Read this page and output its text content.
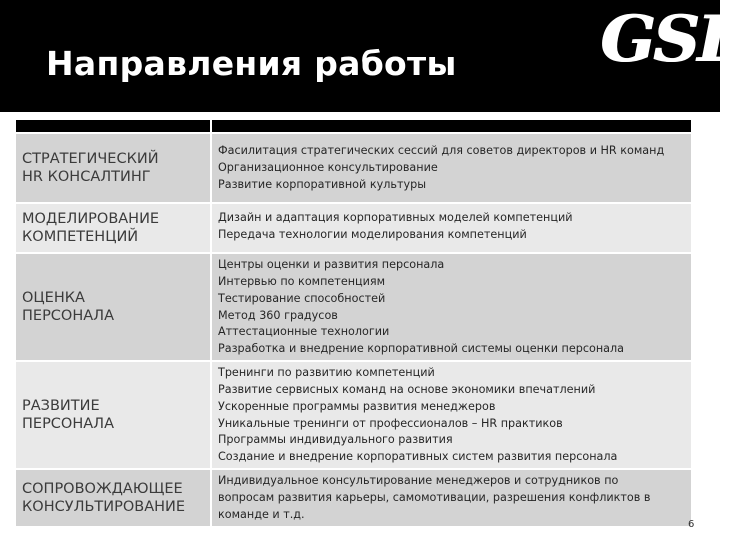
Направления работы GSL
СТРАТЕГИЧЕСКИЙ
HR КОНСАЛТИНГ
Фасилитация стратегических сессий для советов директоров и HR команд
Организационное консультирование
Развитие корпоративной культуры
МОДЕЛИРОВАНИЕ
КОМПЕТЕНЦИЙ
Дизайн и адаптация корпоративных моделей компетенций
Передача технологии моделирования компетенций
ОЦЕНКА
ПЕРСОНАЛА
Центры оценки и развития персонала
Интервью по компетенциям
Тестирование способностей
Метод 360 градусов
Аттестационные технологии
Разработка и внедрение корпоративной системы оценки персонала
РАЗВИТИЕ
ПЕРСОНАЛА
Тренинги по развитию компетенций
Развитие сервисных команд на основе экономики впечатлений
Ускоренные программы развития менеджеров
Уникальные тренинги от профессионалов – HR практиков
Программы индивидуального развития
Создание и внедрение корпоративных систем развития персонала
СОПРОВОЖДАЮЩЕЕ
КОНСУЛЬТИРОВАНИЕ
Индивидуальное консультирование менеджеров и сотрудников по
вопросам развития карьеры, самомотивации, разрешения конфликтов в
команде и т.д.
6
